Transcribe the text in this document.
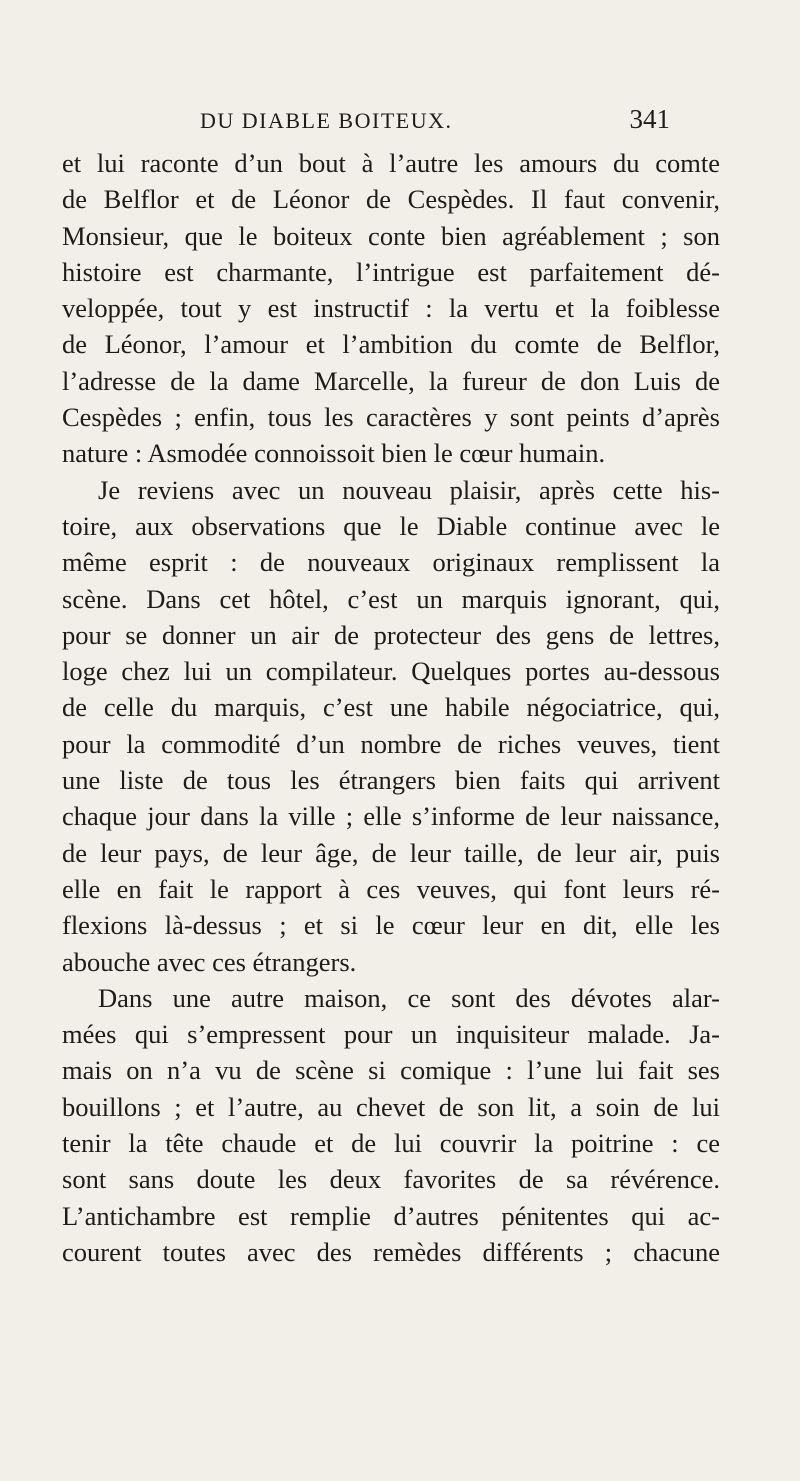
DU DIABLE BOITEUX.	341
et lui raconte d’un bout à l’autre les amours du comte
de Belflor et de Léonor de Cespèdes. Il faut convenir,
Monsieur, que le boiteux conte bien agréablement ; son
histoire est charmante, l’intrigue est parfaitement dé-
veloppée, tout y est instructif : la vertu et la foiblesse
de Léonor, l’amour et l’ambition du comte de Belflor,
l’adresse de la dame Marcelle, la fureur de don Luis de
Cespèdes ; enfin, tous les caractères y sont peints d’après
nature : Asmodée connoissoit bien le cœur humain.
Je reviens avec un nouveau plaisir, après cette his-
toire, aux observations que le Diable continue avec le
même esprit : de nouveaux originaux remplissent la
scène. Dans cet hôtel, c’est un marquis ignorant, qui,
pour se donner un air de protecteur des gens de lettres,
loge chez lui un compilateur. Quelques portes au-dessous
de celle du marquis, c’est une habile négociatrice, qui,
pour la commodité d’un nombre de riches veuves, tient
une liste de tous les étrangers bien faits qui arrivent
chaque jour dans la ville ; elle s’informe de leur naissance,
de leur pays, de leur âge, de leur taille, de leur air, puis
elle en fait le rapport à ces veuves, qui font leurs ré-
flexions là-dessus ; et si le cœur leur en dit, elle les
abouche avec ces étrangers.
Dans une autre maison, ce sont des dévotes alar-
mées qui s’empressent pour un inquisiteur malade. Ja-
mais on n’a vu de scène si comique : l’une lui fait ses
bouillons ; et l’autre, au chevet de son lit, a soin de lui
tenir la tête chaude et de lui couvrir la poitrine : ce
sont sans doute les deux favorites de sa révérence.
L’antichambre est remplie d’autres pénitentes qui ac-
courent toutes avec des remèdes différents ; chacune
